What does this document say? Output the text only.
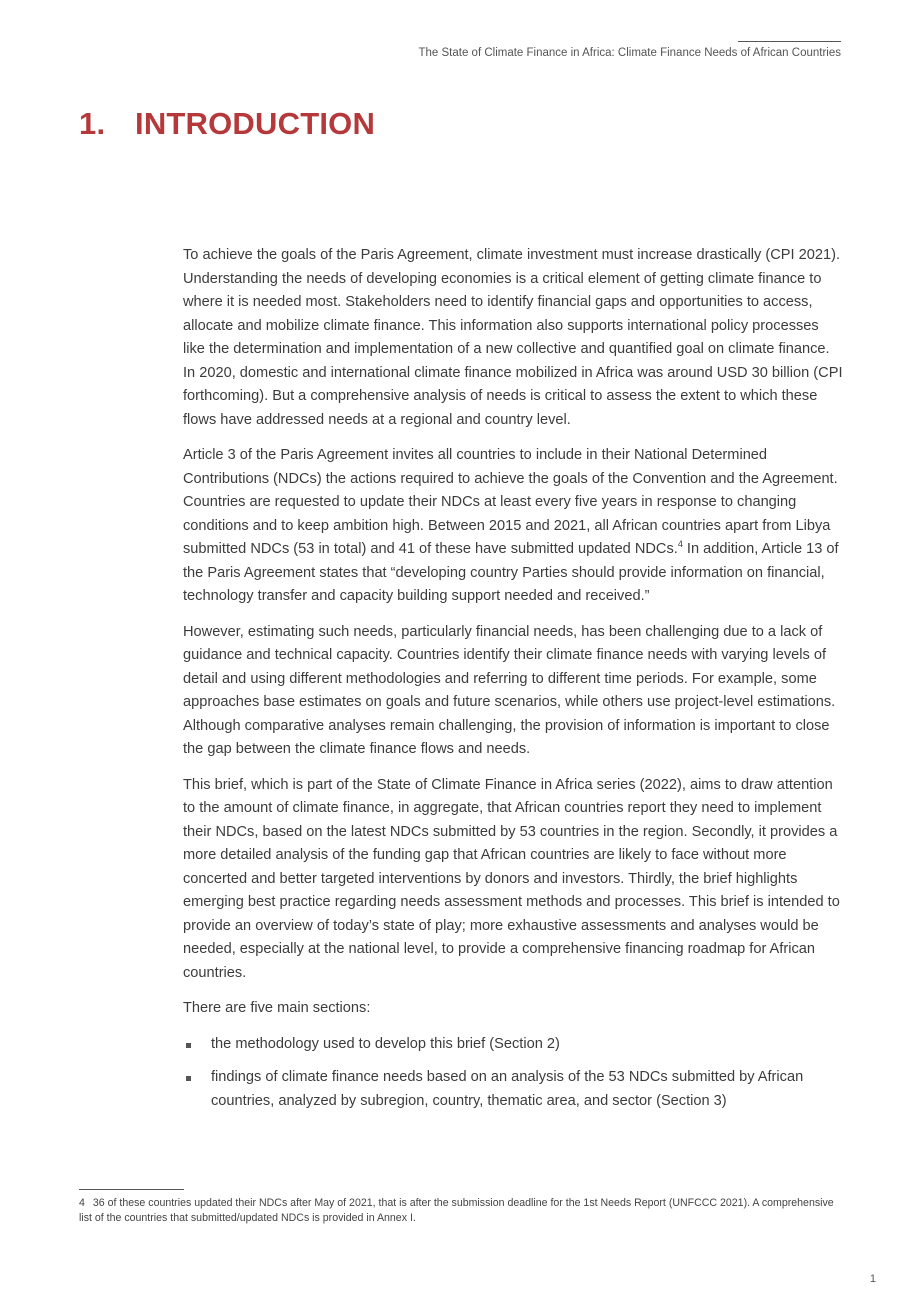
The State of Climate Finance in Africa: Climate Finance Needs of African Countries
1. INTRODUCTION

To achieve the goals of the Paris Agreement, climate investment must increase drastically (CPI 2021). Understanding the needs of developing economies is a critical element of getting climate finance to where it is needed most. Stakeholders need to identify financial gaps and opportunities to access, allocate and mobilize climate finance. This information also supports international policy processes like the determination and implementation of a new collective and quantified goal on climate finance. In 2020, domestic and international climate finance mobilized in Africa was around USD 30 billion (CPI forthcoming). But a comprehensive analysis of needs is critical to assess the extent to which these flows have addressed needs at a regional and country level.

Article 3 of the Paris Agreement invites all countries to include in their National Determined Contributions (NDCs) the actions required to achieve the goals of the Convention and the Agreement. Countries are requested to update their NDCs at least every five years in response to changing conditions and to keep ambition high. Between 2015 and 2021, all African countries apart from Libya submitted NDCs (53 in total) and 41 of these have submitted updated NDCs.$^4$ In addition, Article 13 of the Paris Agreement states that “developing country Parties should provide information on financial, technology transfer and capacity building support needed and received.”

However, estimating such needs, particularly financial needs, has been challenging due to a lack of guidance and technical capacity. Countries identify their climate finance needs with varying levels of detail and using different methodologies and referring to different time periods. For example, some approaches base estimates on goals and future scenarios, while others use project-level estimations. Although comparative analyses remain challenging, the provision of information is important to close the gap between the climate finance flows and needs.

This brief, which is part of the State of Climate Finance in Africa series (2022), aims to draw attention to the amount of climate finance, in aggregate, that African countries report they need to implement their NDCs, based on the latest NDCs submitted by 53 countries in the region. Secondly, it provides a more detailed analysis of the funding gap that African countries are likely to face without more concerted and better targeted interventions by donors and investors. Thirdly, the brief highlights emerging best practice regarding needs assessment methods and processes. This brief is intended to provide an overview of today’s state of play; more exhaustive assessments and analyses would be needed, especially at the national level, to provide a comprehensive financing roadmap for African countries.

There are five main sections:

the methodology used to develop this brief (Section 2)
findings of climate finance needs based on an analysis of the 53 NDCs submitted by African countries, analyzed by subregion, country, thematic area, and sector (Section 3)
4 36 of these countries updated their NDCs after May of 2021, that is after the submission deadline for the 1st Needs Report (UNFCCC 2021). A comprehensive list of the countries that submitted/updated NDCs is provided in Annex I.
1
